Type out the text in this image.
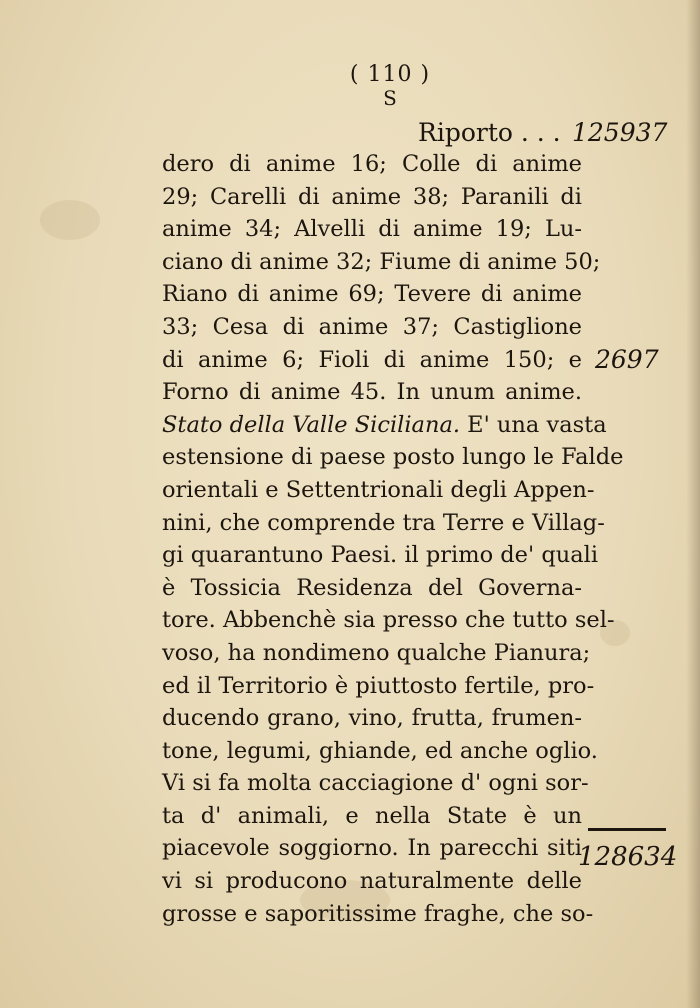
( 110 )
S
Riporto . . . 125937
dero di anime 16; Colle di anime
29; Carelli di anime 38; Paranili di
anime 34; Alvelli di anime 19; Lu-
ciano di anime 32; Fiume di anime 50;
Riano di anime 69; Tevere di anime
33; Cesa di anime 37; Castiglione
di anime 6; Fioli di anime 150; e
Forno di anime 45. In unum anime.
Stato della Valle Siciliana. E' una vasta
estensione di paese posto lungo le Falde
orientali e Settentrionali degli Appen-
nini, che comprende tra Terre e Villag-
gi quarantuno Paesi. il primo de' quali
è Tossicia Residenza del Governa-
tore. Abbenchè sia presso che tutto sel-
voso, ha nondimeno qualche Pianura;
ed il Territorio è piuttosto fertile, pro-
ducendo grano, vino, frutta, frumen-
tone, legumi, ghiande, ed anche oglio.
Vi si fa molta cacciagione d' ogni sor-
ta d' animali, e nella State è un
piacevole soggiorno. In parecchi siti
vi si producono naturalmente delle
grosse e saporitissime fraghe, che so-
2697
128634
